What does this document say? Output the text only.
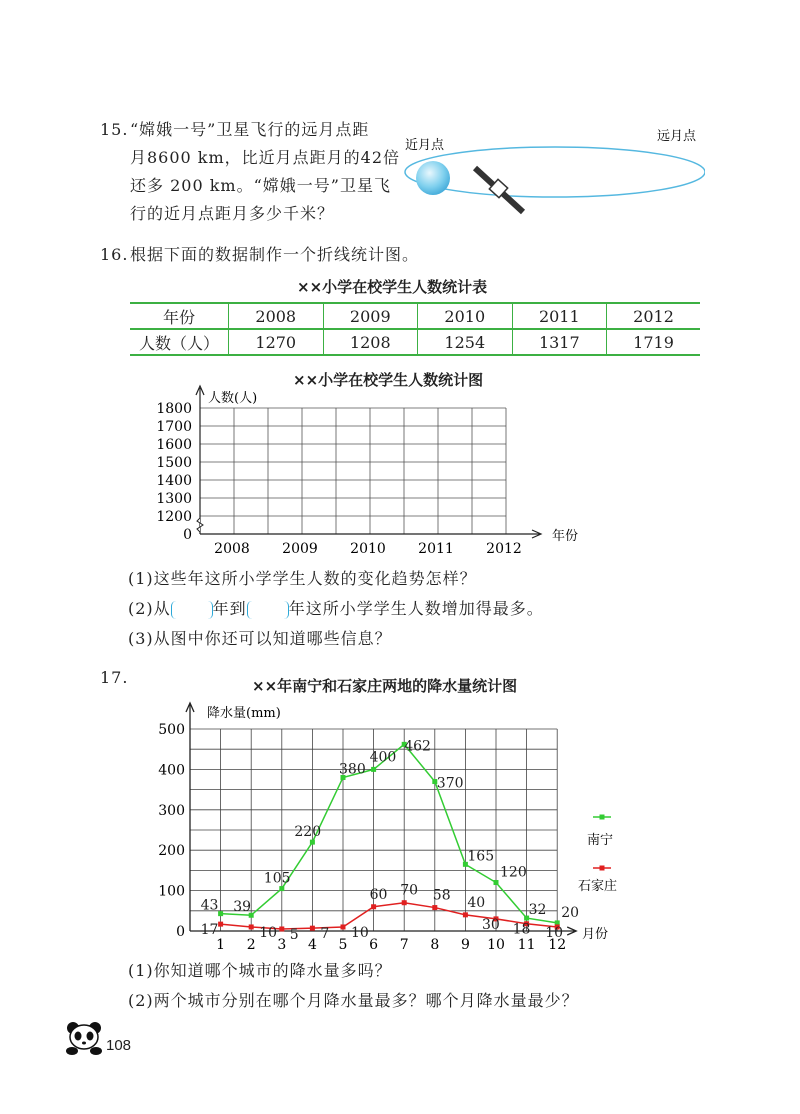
15. “嫦娥一号”卫星飞行的远月点距
月8600 km，比近月点距月的42倍
还多 200 km。“嫦娥一号”卫星飞
行的近月点距月多少千米？
近月点
远月点
16. 根据下面的数据制作一个折线统计图。
××小学在校学生人数统计表
年份	2008	2009	2010	2011	2012
人数（人）	1270	1208	1254	1317	1719
××小学在校学生人数统计图
1800
1700
1600
1500
1400
1300
1200
0
2008 2009 2010 2011 2012
人数(人)
年份
(1)这些年这所小学学生人数的变化趋势怎样？
(2)从	年到	年这所小学学生人数增加得最多。
(3)从图中你还可以知道哪些信息？
17.	××年南宁和石家庄两地的降水量统计图
0
100
200
300
400
500
1 2 3 4 5 6 7 8 9 10 11 12
43 39
105
220
380
400
462
370
165
120
32 20
17	10 5 7 10
60 70 58 40
30 18 10
降水量(mm)
月份
南宁
石家庄
(1)你知道哪个城市的降水量多吗？
(2)两个城市分别在哪个月降水量最多？哪个月降水量最少？
108
